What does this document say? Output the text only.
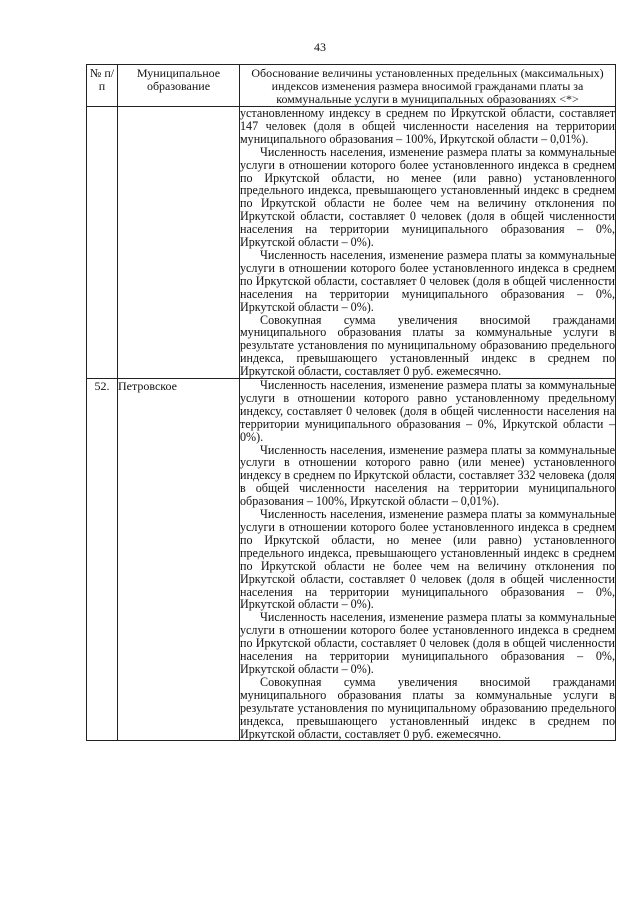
43
№ п/п	Муниципальное образование	Обоснование величины установленных предельных (максимальных) индексов изменения размера вносимой гражданами платы за коммунальные услуги в муниципальных образованиях <*>

		установленному индексу в среднем по Иркутской области, составляет 147 человек (доля в общей численности населения на территории муниципального образования – 100%, Иркутской области – 0,01%).

Численность населения, изменение размера платы за коммунальные услуги в отношении которого более установленного индекса в среднем по Иркутской области, но менее (или равно) установленного предельного индекса, превышающего установленный индекс в среднем по Иркутской области не более чем на величину отклонения по Иркутской области, составляет 0 человек (доля в общей численности населения на территории муниципального образования – 0%, Иркутской области – 0%).

Численность населения, изменение размера платы за коммунальные услуги в отношении которого более установленного индекса в среднем по Иркутской области, составляет 0 человек (доля в общей численности населения на территории муниципального образования – 0%, Иркутской области – 0%).

Совокупная сумма увеличения вносимой гражданами муниципального образования платы за коммунальные услуги в результате установления по муниципальному образованию предельного индекса, превышающего установленный индекс в среднем по Иркутской области, составляет 0 руб. ежемесячно.

52.	Петровское	Численность населения, изменение размера платы за коммунальные услуги в отношении которого равно установленному предельному индексу, составляет 0 человек (доля в общей численности населения на территории муниципального образования – 0%, Иркутской области – 0%).

Численность населения, изменение размера платы за коммунальные услуги в отношении которого равно (или менее) установленного индексу в среднем по Иркутской области, составляет 332 человека (доля в общей численности населения на территории муниципального образования – 100%, Иркутской области – 0,01%).

Численность населения, изменение размера платы за коммунальные услуги в отношении которого более установленного индекса в среднем по Иркутской области, но менее (или равно) установленного предельного индекса, превышающего установленный индекс в среднем по Иркутской области не более чем на величину отклонения по Иркутской области, составляет 0 человек (доля в общей численности населения на территории муниципального образования – 0%, Иркутской области – 0%).

Численность населения, изменение размера платы за коммунальные услуги в отношении которого более установленного индекса в среднем по Иркутской области, составляет 0 человек (доля в общей численности населения на территории муниципального образования – 0%, Иркутской области – 0%).

Совокупная сумма увеличения вносимой гражданами муниципального образования платы за коммунальные услуги в результате установления по муниципальному образованию предельного индекса, превышающего установленный индекс в среднем по Иркутской области, составляет 0 руб. ежемесячно.
